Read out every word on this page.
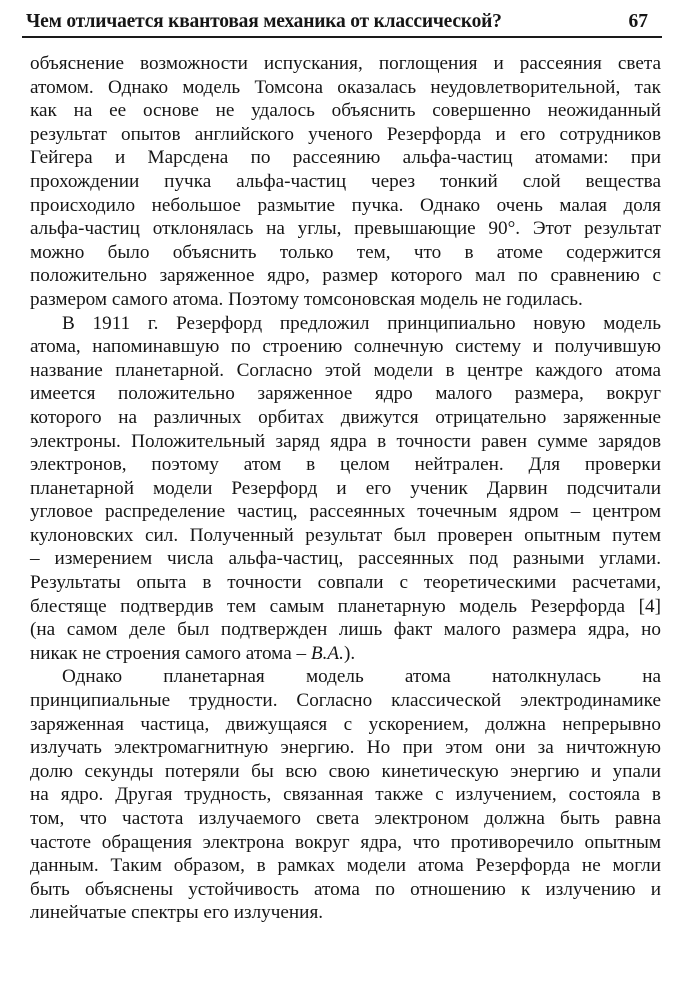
Чем отличается квантовая механика от классической?	67
объяснение возможности испускания, поглощения и рассеяния света
атомом. Однако модель Томсона оказалась неудовлетворительной, так
как на ее основе не удалось объяснить совершенно неожиданный
результат опытов английского ученого Резерфорда и его сотрудников
Гейгера и Марсдена по рассеянию альфа-частиц атомами: при
прохождении пучка альфа-частиц через тонкий слой вещества
происходило небольшое размытие пучка. Однако очень малая доля
альфа-частиц отклонялась на углы, превышающие 90°. Этот результат
можно было объяснить только тем, что в атоме содержится
положительно заряженное ядро, размер которого мал по сравнению с
размером самого атома. Поэтому томсоновская модель не годилась.
В 1911 г. Резерфорд предложил принципиально новую модель
атома, напоминавшую по строению солнечную систему и получившую
название планетарной. Согласно этой модели в центре каждого атома
имеется положительно заряженное ядро малого размера, вокруг
которого на различных орбитах движутся отрицательно заряженные
электроны. Положительный заряд ядра в точности равен сумме зарядов
электронов, поэтому атом в целом нейтрален. Для проверки
планетарной модели Резерфорд и его ученик Дарвин подсчитали
угловое распределение частиц, рассеянных точечным ядром – центром
кулоновских сил. Полученный результат был проверен опытным путем
– измерением числа альфа-частиц, рассеянных под разными углами.
Результаты опыта в точности совпали с теоретическими расчетами,
блестяще подтвердив тем самым планетарную модель Резерфорда [4]
(на самом деле был подтвержден лишь факт малого размера ядра, но
никак не строения самого атома – В.А.).
Однако планетарная модель атома натолкнулась на
принципиальные трудности. Согласно классической электродинамике
заряженная частица, движущаяся с ускорением, должна непрерывно
излучать электромагнитную энергию. Но при этом они за ничтожную
долю секунды потеряли бы всю свою кинетическую энергию и упали
на ядро. Другая трудность, связанная также с излучением, состояла в
том, что частота излучаемого света электроном должна быть равна
частоте обращения электрона вокруг ядра, что противоречило опытным
данным. Таким образом, в рамках модели атома Резерфорда не могли
быть объяснены устойчивость атома по отношению к излучению и
линейчатые спектры его излучения.
